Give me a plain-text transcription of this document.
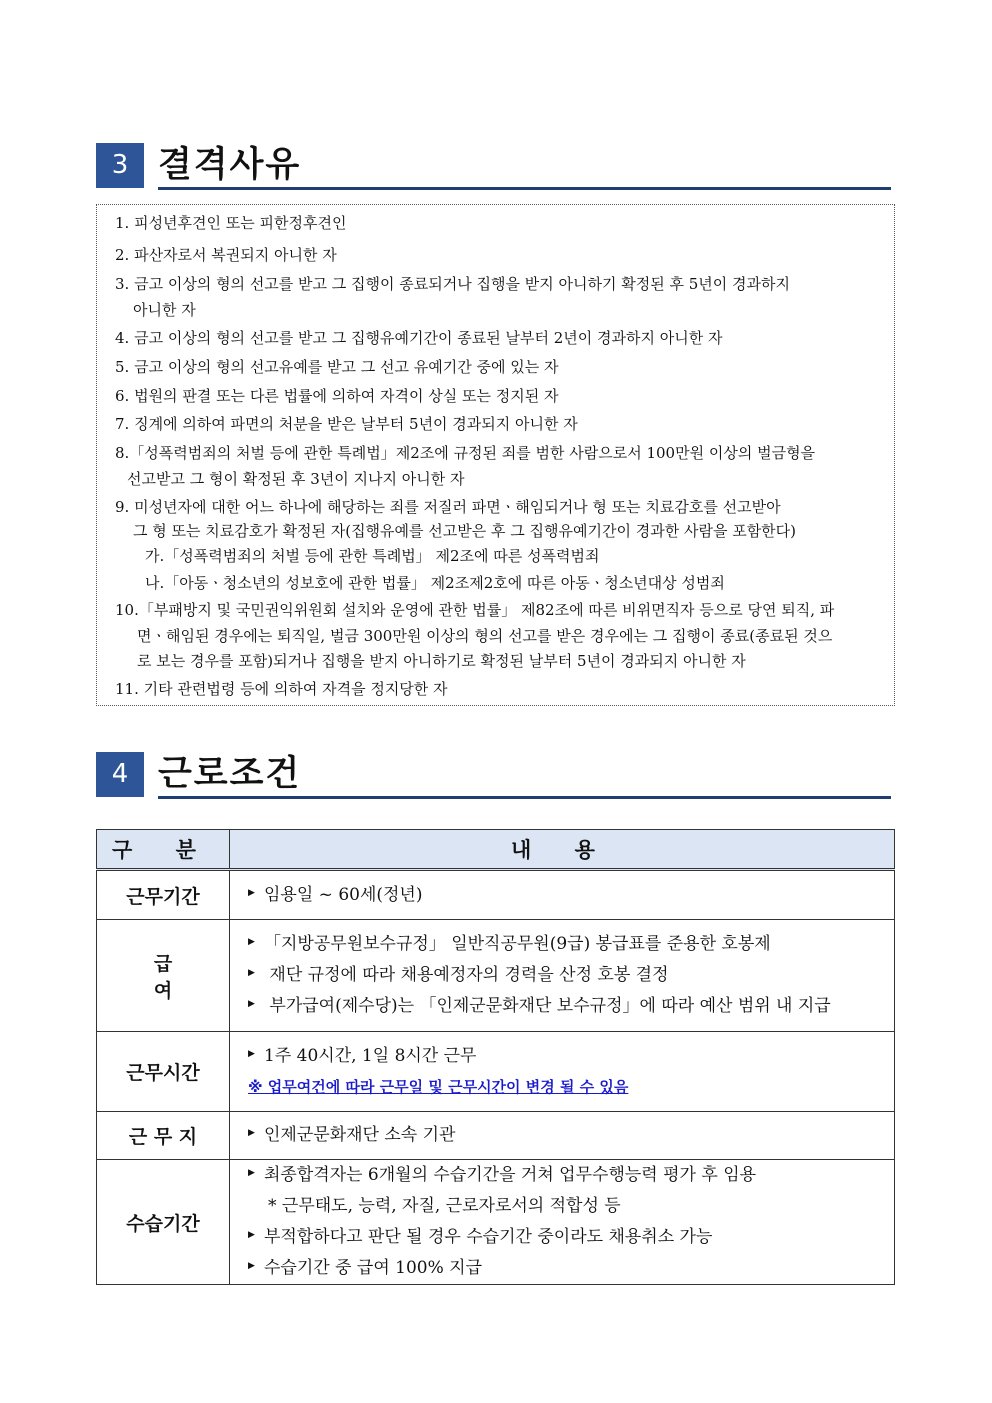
3 결격사유
1. 피성년후견인 또는 피한정후견인
2. 파산자로서 복권되지 아니한 자
3. 금고 이상의 형의 선고를 받고 그 집행이 종료되거나 집행을 받지 아니하기 확정된 후 5년이 경과하지
아니한 자
4. 금고 이상의 형의 선고를 받고 그 집행유예기간이 종료된 날부터 2년이 경과하지 아니한 자
5. 금고 이상의 형의 선고유예를 받고 그 선고 유예기간 중에 있는 자
6. 법원의 판결 또는 다른 법률에 의하여 자격이 상실 또는 정지된 자
7. 징계에 의하여 파면의 처분을 받은 날부터 5년이 경과되지 아니한 자
8.「성폭력범죄의 처벌 등에 관한 특례법」제2조에 규정된 죄를 범한 사람으로서 100만원 이상의 벌금형을
선고받고 그 형이 확정된 후 3년이 지나지 아니한 자
9. 미성년자에 대한 어느 하나에 해당하는 죄를 저질러 파면ㆍ해임되거나 형 또는 치료감호를 선고받아
그 형 또는 치료감호가 확정된 자(집행유예를 선고받은 후 그 집행유예기간이 경과한 사람을 포함한다)
가.「성폭력범죄의 처벌 등에 관한 특례법」 제2조에 따른 성폭력범죄
나.「아동ㆍ청소년의 성보호에 관한 법률」 제2조제2호에 따른 아동ㆍ청소년대상 성범죄
10.「부패방지 및 국민권익위원회 설치와 운영에 관한 법률」 제82조에 따른 비위면직자 등으로 당연 퇴직, 파
면ㆍ해임된 경우에는 퇴직일, 벌금 300만원 이상의 형의 선고를 받은 경우에는 그 집행이 종료(종료된 것으
로 보는 경우를 포함)되거나 집행을 받지 아니하기로 확정된 날부터 5년이 경과되지 아니한 자
11. 기타 관련법령 등에 의하여 자격을 정지당한 자
4 근로조건
구 분	내 용
근무기간	▶ 임용일 ~ 60세(정년)

급 여	▶ 「지방공무원보수규정」 일반직공무원(9급) 봉급표를 준용한 호봉제
▶ 재단 규정에 따라 채용예정자의 경력을 산정 호봉 결정
▶ 부가급여(제수당)는 「인제군문화재단 보수규정」에 따라 예산 범위 내 지급

근무시간	▶ 1주 40시간, 1일 8시간 근무
※ 업무여건에 따라 근무일 및 근무시간이 변경 될 수 있음

근 무 지	▶ 인제군문화재단 소속 기관

수습기간	▶ 최종합격자는 6개월의 수습기간을 거쳐 업무수행능력 평가 후 임용
* 근무태도, 능력, 자질, 근로자로서의 적합성 등
▶ 부적합하다고 판단 될 경우 수습기간 중이라도 채용취소 가능
▶ 수습기간 중 급여 100% 지급
